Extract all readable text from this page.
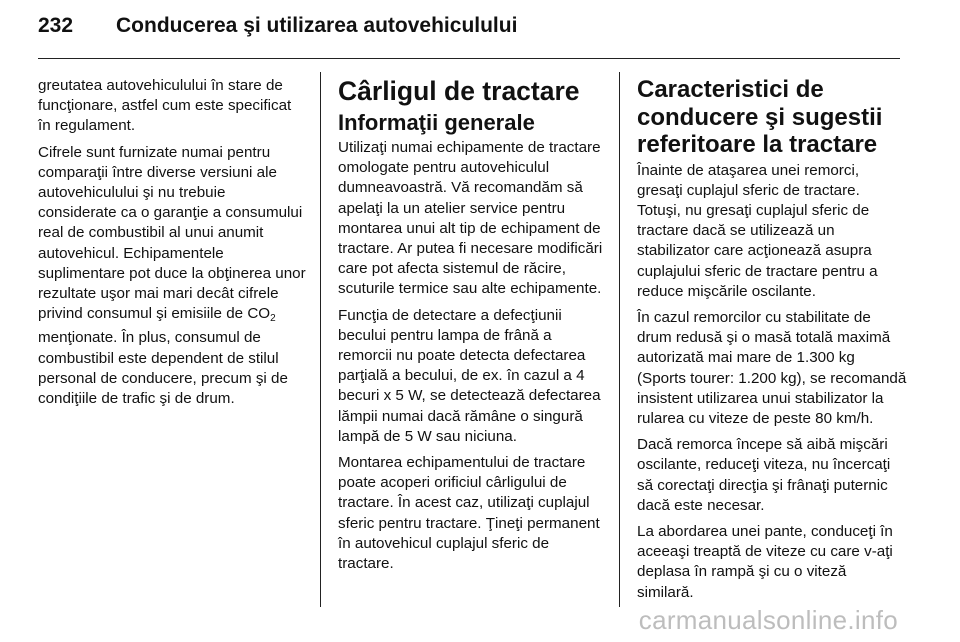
232	Conducerea şi utilizarea autovehiculului

greutatea autovehiculului în stare de funcţionare, astfel cum este specificat în regulament.

Cifrele sunt furnizate numai pentru comparaţii între diverse versiuni ale autovehiculului şi nu trebuie considerate ca o garanţie a consumului real de combustibil al unui anumit autovehicul. Echipamentele suplimentare pot duce la obţinerea unor rezultate uşor mai mari decât cifrele privind consumul şi emisiile de $CO_2$

menţionate. În plus, consumul de combustibil este dependent de stilul personal de conducere, precum şi de condiţiile de trafic şi de drum.

Cârligul de tractare
Informaţii generale

Utilizaţi numai echipamente de tractare omologate pentru autovehiculul dumneavoastră. Vă recomandăm să apelaţi la un atelier service pentru montarea unui alt tip de echipament de tractare. Ar putea fi necesare modificări care pot afecta sistemul de răcire, scuturile termice sau alte echipamente.

Funcţia de detectare a defecţiunii becului pentru lampa de frână a remorcii nu poate detecta defectarea parţială a becului, de ex. în cazul a 4 becuri x 5 W, se detectează defectarea lămpii numai dacă rămâne o singură lampă de 5 W sau niciuna.

Montarea echipamentului de tractare poate acoperi orificiul cârligului de tractare. În acest caz, utilizaţi cuplajul sferic pentru tractare. Ţineţi permanent în autovehicul cuplajul sferic de tractare.

Caracteristici de conducere şi sugestii referitoare la tractare

Înainte de ataşarea unei remorci, gresaţi cuplajul sferic de tractare. Totuşi, nu gresaţi cuplajul sferic de tractare dacă se utilizează un stabilizator care acţionează asupra cuplajului sferic de tractare pentru a reduce mişcările oscilante.

În cazul remorcilor cu stabilitate de drum redusă şi o masă totală maximă autorizată mai mare de 1.300 kg (Sports tourer: 1.200 kg), se recomandă insistent utilizarea unui stabilizator la rularea cu viteze de peste 80 km/h.

Dacă remorca începe să aibă mişcări oscilante, reduceţi viteza, nu încercaţi să corectaţi direcţia şi frânaţi puternic dacă este necesar.

La abordarea unei pante, conduceţi în aceeaşi treaptă de viteze cu care v-aţi deplasa în rampă şi cu o viteză similară.

carmanualsonline.info
